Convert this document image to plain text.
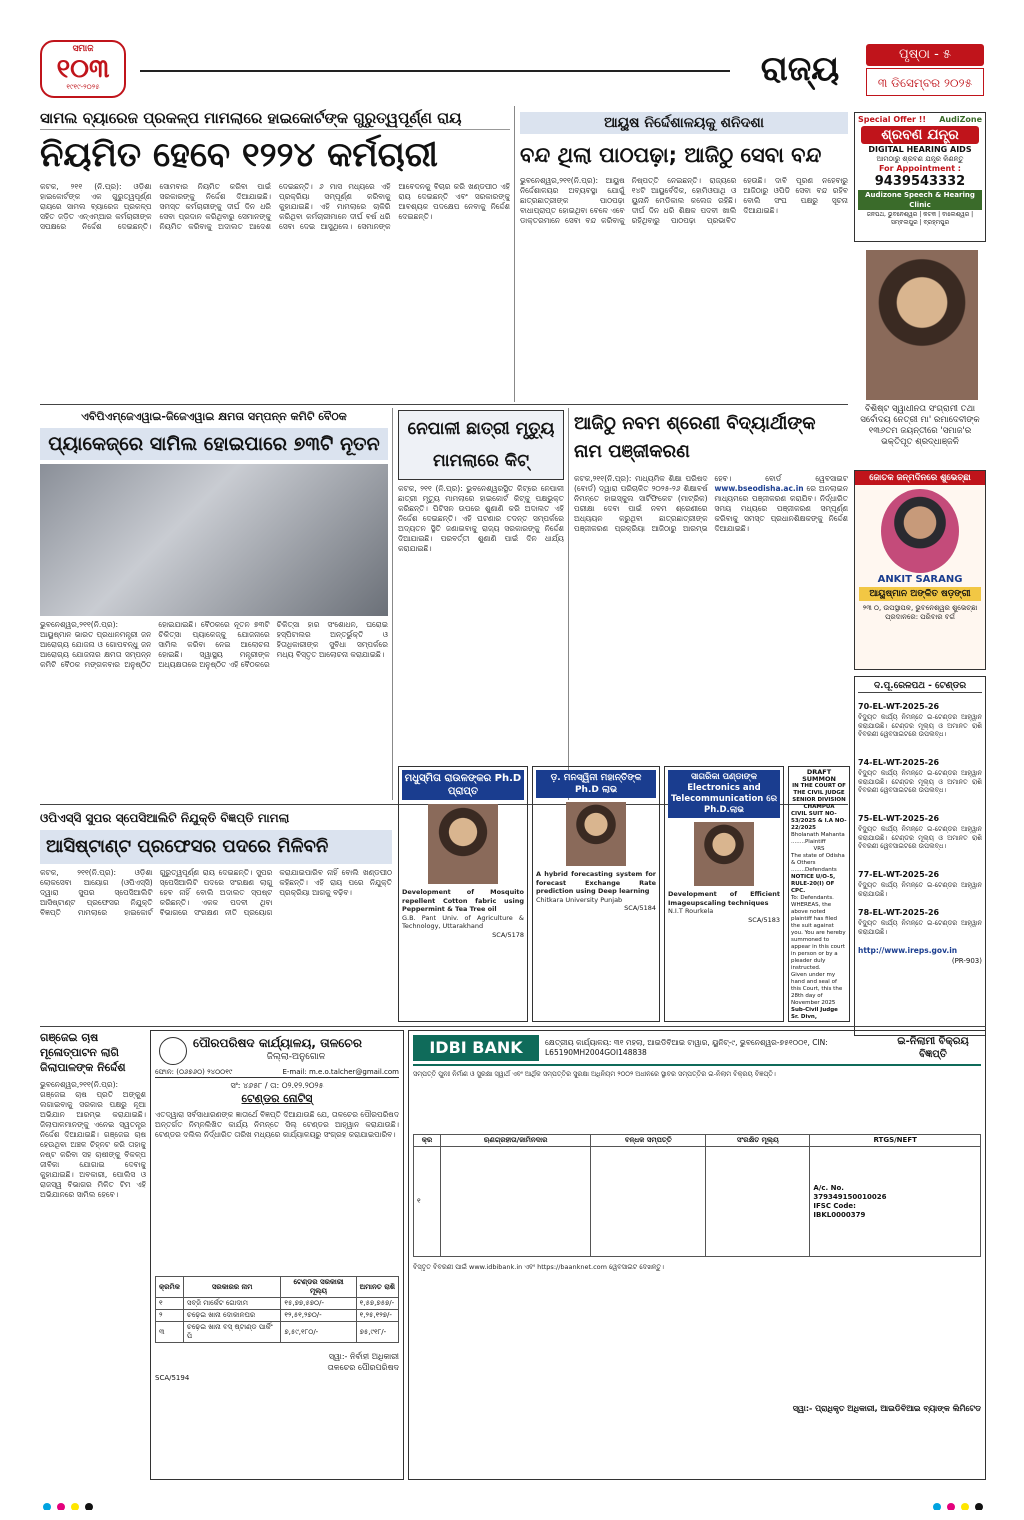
ସମାଜ
୧୦୩
୧୯୧୯-୨୦୨୫	ରାଜ୍ୟ	ପୃଷ୍ଠା - ୫
୩ ଡିସେମ୍ବର ୨୦୨୫
ସାମଲ ବ୍ୟାରେଜ ପ୍ରକଳ୍ପ ମାମଲାରେ ହାଇକୋର୍ଟଙ୍କ ଗୁରୁତ୍ୱପୂର୍ଣ୍ଣ ରାୟ
ନିୟମିତ ହେବେ ୧୨୨୪ କର୍ମଚାରୀ
କଟକ, ୨୧୧ (ନି.ପ୍ର): ଓଡ଼ିଶା ହାଇକୋର୍ଟଙ୍କ ଏକ ଗୁରୁତ୍ୱପୂର୍ଣ୍ଣ ରାୟରେ ସାମଲ ବ୍ୟାରେଜ ପ୍ରକଳ୍ପ ସହିତ ଜଡ଼ିତ ଏନ୍‌ଏମ୍‌ଆର କର୍ମଚାରୀଙ୍କ ସପକ୍ଷରେ ନିର୍ଦ୍ଦେଶ ଦେଇଛନ୍ତି। ସୋମବାର ନିୟମିତ କରିବା ପାଇଁ ସରକାରଙ୍କୁ ନିର୍ଦ୍ଦେଶ ଦିଆଯାଇଛି। ସମସ୍ତ କର୍ମଚାରୀଙ୍କୁ ଦୀର୍ଘ ଦିନ ଧରି ସେବା ପ୍ରଦାନ କରିଥିବାରୁ ସେମାନଙ୍କୁ ନିୟମିତ କରିବାକୁ ଅଦାଲତ ଆଦେଶ ଦେଇଛନ୍ତି। ୬ ମାସ ମଧ୍ୟରେ ଏହି ପ୍ରକ୍ରିୟା ସମ୍ପୂର୍ଣ୍ଣ କରିବାକୁ କୁହାଯାଇଛି। ଏହି ମାମଲାରେ ଚାକିରି କରିଥିବା କର୍ମଚାରୀମାନେ ଦୀର୍ଘ ବର୍ଷ ଧରି ସେବା ଦେଇ ଆସୁଥିଲେ। ସେମାନଙ୍କ ଆବେଦନକୁ ବିଚାର କରି ଖଣ୍ଡପୀଠ ଏହି ରାୟ ଦେଇଛନ୍ତି ଏବଂ ସରକାରଙ୍କୁ ଆବଶ୍ୟକ ପଦକ୍ଷେପ ନେବାକୁ ନିର୍ଦ୍ଦେଶ ଦେଇଛନ୍ତି।
ଆୟୁଷ ନିର୍ଦ୍ଦେଶାଳୟକୁ ଶନିଦଶା
ବନ୍ଦ ଥିଲା ପାଠପଢ଼ା; ଆଜିଠୁ ସେବା ବନ୍ଦ
ଭୁବନେଶ୍ୱର,୨୧୧(ନି.ପ୍ର): ଆୟୁଷ ନିର୍ଦ୍ଦେଶାଳୟର ଅବ୍ୟବସ୍ଥା ଯୋଗୁଁ ଛାତ୍ରଛାତ୍ରୀଙ୍କ ପାଠପଢ଼ା ବାଧାପ୍ରାପ୍ତ ହୋଇଥିବା ବେଳେ ଏବେ ଡାକ୍ତରମାନେ ସେବା ବନ୍ଦ କରିବାକୁ ନିଷ୍ପତ୍ତି ନେଇଛନ୍ତି। ରାଜ୍ୟରେ ୧୪ଟି ଆୟୁର୍ବେଦିକ, ହୋମିଓପାଥି ଓ ୟୁନାନି ମେଡିକାଲ କଲେଜ ରହିଛି। ଦୀର୍ଘ ଦିନ ଧରି ଶିକ୍ଷକ ପଦବୀ ଖାଲି ରହିଥିବାରୁ ପାଠପଢ଼ା ପ୍ରଭାବିତ ହେଉଛି। ଦାବି ପୂରଣ ନହେବାରୁ ଆଜିଠାରୁ ଓପିଡି ସେବା ବନ୍ଦ ରହିବ ବୋଲି ସଂଘ ପକ୍ଷରୁ ସୂଚନା ଦିଆଯାଇଛି।
Special Offer !!	AudiZone
ଶ୍ରବଣ ଯନ୍ତ୍ର
DIGITAL HEARING AIDS
ଆମଠାରୁ ଶ୍ରବଣ ଯନ୍ତ୍ର କିଣନ୍ତୁ
For Appointment :
9439543332
Audizone Speech & Hearing Clinic
ଜନପଥ, ଭୁବନେଶ୍ୱର | କଟକ | ବାଲେଶ୍ୱର | ସମ୍ବଲପୁର | ବ୍ରହ୍ମପୁର
ବିଶିଷ୍ଟ ସ୍ୱାଧୀନତା ସଂଗ୍ରାମୀ ତଥା ସର୍ବୋଦୟ ନେତ୍ରୀ ମା' ରମାଦେବୀଙ୍କ ୧୩୬ତମ ଜୟନ୍ତୀରେ 'ସମାଜ'ର ଭକ୍ତିପୂତ ଶ୍ରଦ୍ଧାଞ୍ଜଳି
ଏବିପିଏମ୍‌ଜେଏୱାଇ-ଜିଜେଏୱାଇ କ୍ଷମତା ସମ୍ପନ୍ନ କମିଟି ବୈଠକ
ପ୍ୟାକେଜ୍‌ରେ ସାମିଲ ହୋଇପାରେ ୭୩ଟି ନୂତନ
ଭୁବନେଶ୍ୱର,୨୧୧(ନି.ପ୍ର): ଆୟୁଷ୍ମାନ ଭାରତ ପ୍ରଧାନମନ୍ତ୍ରୀ ଜନ ଆରୋଗ୍ୟ ଯୋଜନା ଓ ଗୋପବନ୍ଧୁ ଜନ ଆରୋଗ୍ୟ ଯୋଜନାର କ୍ଷମତା ସମ୍ପନ୍ନ କମିଟି ବୈଠକ ମଙ୍ଗଳବାର ଅନୁଷ୍ଠିତ ହୋଇଯାଇଛି। ବୈଠକରେ ନୂତନ ୭୩ଟି ଚିକିତ୍ସା ପ୍ୟାକେଜ୍‌କୁ ଯୋଜନାରେ ସାମିଲ କରିବା ନେଇ ଆଲୋଚନା ହୋଇଛି। ସ୍ୱାସ୍ଥ୍ୟ ମନ୍ତ୍ରୀଙ୍କ ଅଧ୍ୟକ୍ଷତାରେ ଅନୁଷ୍ଠିତ ଏହି ବୈଠକରେ ଚିକିତ୍ସା ହାର ସଂଶୋଧନ, ଘରୋଇ ହସ୍ପିଟାଲର ଅନ୍ତର୍ଭୁକ୍ତି ଓ ହିତାଧିକାରୀଙ୍କ ସୁବିଧା ସମ୍ପର୍କରେ ମଧ୍ୟ ବିସ୍ତୃତ ଆଲୋଚନା କରାଯାଇଛି।
ନେପାଳୀ ଛାତ୍ରୀ ମୃତ୍ୟୁ ମାମଲାରେ କିଟ୍
କଟକ, ୨୧୧ (ନି.ପ୍ର): ଭୁବନେଶ୍ୱରସ୍ଥିତ କିଟ୍‌ରେ ନେପାଳୀ ଛାତ୍ରୀ ମୃତ୍ୟୁ ମାମଲାରେ ହାଇକୋର୍ଟ କିଟ୍‌କୁ ପକ୍ଷଭୁକ୍ତ କରିଛନ୍ତି। ପିଟିସନ ଉପରେ ଶୁଣାଣି କରି ଅଦାଲତ ଏହି ନିର୍ଦ୍ଦେଶ ଦେଇଛନ୍ତି। ଏହି ଘଟଣାର ତଦନ୍ତ ସମ୍ପର୍କରେ ଅଦ୍ୟତନ ସ୍ଥିତି ଜଣାଇବାକୁ ରାଜ୍ୟ ସରକାରଙ୍କୁ ନିର୍ଦ୍ଦେଶ ଦିଆଯାଇଛି। ପରବର୍ତ୍ତୀ ଶୁଣାଣି ପାଇଁ ଦିନ ଧାର୍ଯ୍ୟ କରାଯାଇଛି।
ଆଜିଠୁ ନବମ ଶ୍ରେଣୀ ବିଦ୍ୟାର୍ଥୀଙ୍କ ନାମ ପଞ୍ଜୀକରଣ
କଟକ,୨୧୧(ନି.ପ୍ର): ମାଧ୍ୟମିକ ଶିକ୍ଷା ପରିଷଦ (ବୋର୍ଡ) ଦ୍ୱାରା ପରିଚାଳିତ ୨୦୨୫-୨୬ ଶିକ୍ଷାବର୍ଷ ନିମନ୍ତେ ହାଇସ୍କୁଲ ସାର୍ଟିଫିକେଟ (ମାଟ୍ରିକ) ପରୀକ୍ଷା ଦେବା ପାଇଁ ନବମ ଶ୍ରେଣୀରେ ଅଧ୍ୟୟନ କରୁଥିବା ଛାତ୍ରଛାତ୍ରୀଙ୍କ ପଞ୍ଜୀକରଣ ପ୍ରକ୍ରିୟା ଆଜିଠାରୁ ଆରମ୍ଭ ହେବ। ବୋର୍ଡ ୱେବସାଇଟ www.bseodisha.ac.in ରେ ଅନଲାଇନ ମାଧ୍ୟମରେ ପଞ୍ଜୀକରଣ କରାଯିବ। ନିର୍ଦ୍ଧାରିତ ସମୟ ମଧ୍ୟରେ ପଞ୍ଜୀକରଣ ସମ୍ପୂର୍ଣ୍ଣ କରିବାକୁ ସମସ୍ତ ପ୍ରଧାନଶିକ୍ଷକଙ୍କୁ ନିର୍ଦ୍ଦେଶ ଦିଆଯାଇଛି।
ଜୋତକ ଜନ୍ମଦିନରେ ଶୁଭେଚ୍ଛା
ANKIT SARANG
ଆୟୁଷ୍ମାନ ଅଙ୍କିତ ଷଡ଼ଙ୍ଗୀ
୨୩ ୦, ଉପସ୍ଥାପକ, ଭୁବନେଶ୍ୱର ଶୁଭେଚ୍ଛା ପ୍ରଦାନରେ: ପରିବାର ବର୍ଗ
ଦ.ପୂ.ରେଳପଥ - ଟେଣ୍ଡର
70-EL-WT-2025-26
ବିଦ୍ୟୁତ କାର୍ଯ୍ୟ ନିମନ୍ତେ ଇ-ଟେଣ୍ଡର ଆହ୍ୱାନ କରାଯାଉଛି। ଟେଣ୍ଡର ମୂଲ୍ୟ ଓ ଅମାନତ ରାଶି ବିବରଣୀ ୱେବସାଇଟରେ ଉପଲବ୍ଧ।
74-EL-WT-2025-26
ବିଦ୍ୟୁତ କାର୍ଯ୍ୟ ନିମନ୍ତେ ଇ-ଟେଣ୍ଡର ଆହ୍ୱାନ କରାଯାଉଛି। ଟେଣ୍ଡର ମୂଲ୍ୟ ଓ ଅମାନତ ରାଶି ବିବରଣୀ ୱେବସାଇଟରେ ଉପଲବ୍ଧ।
75-EL-WT-2025-26
ବିଦ୍ୟୁତ କାର୍ଯ୍ୟ ନିମନ୍ତେ ଇ-ଟେଣ୍ଡର ଆହ୍ୱାନ କରାଯାଉଛି। ଟେଣ୍ଡର ମୂଲ୍ୟ ଓ ଅମାନତ ରାଶି ବିବରଣୀ ୱେବସାଇଟରେ ଉପଲବ୍ଧ।
77-EL-WT-2025-26
ବିଦ୍ୟୁତ କାର୍ଯ୍ୟ ନିମନ୍ତେ ଇ-ଟେଣ୍ଡର ଆହ୍ୱାନ କରାଯାଉଛି।
78-EL-WT-2025-26
ବିଦ୍ୟୁତ କାର୍ଯ୍ୟ ନିମନ୍ତେ ଇ-ଟେଣ୍ଡର ଆହ୍ୱାନ କରାଯାଉଛି।
http://www.ireps.gov.in
(PR-903)
ଓପିଏସ୍‌ସି ସୁପର ସ୍ପେସିଆଲିଟି ନିଯୁକ୍ତି ବିଜ୍ଞପ୍ତି ମାମଲା
ଆସିଷ୍ଟାଣ୍ଟ ପ୍ରଫେସର ପଦରେ ମିଳିବନି
କଟକ, ୨୧୧(ନି.ପ୍ର): ଓଡ଼ିଶା ଲୋକସେବା ଆୟୋଗ (ଓପିଏସ୍‌ସି) ଦ୍ୱାରା ସୁପର ସ୍ପେସିଆଲିଟି ଆସିଷ୍ଟାଣ୍ଟ ପ୍ରଫେସର ନିଯୁକ୍ତି ବିଜ୍ଞପ୍ତି ମାମଲାରେ ହାଇକୋର୍ଟ ଗୁରୁତ୍ୱପୂର୍ଣ୍ଣ ରାୟ ଦେଇଛନ୍ତି। ସୁପର ସ୍ପେସିଆଲିଟି ପଦରେ ସଂରକ୍ଷଣ ଲାଗୁ ହେବ ନାହିଁ ବୋଲି ଅଦାଲତ ସ୍ପଷ୍ଟ କରିଛନ୍ତି। ଏକକ ପଦବୀ ଥିବା ବିଭାଗରେ ସଂରକ୍ଷଣ ନୀତି ପ୍ରୟୋଗ କରାଯାଇପାରିବ ନାହିଁ ବୋଲି ଖଣ୍ଡପୀଠ କହିଛନ୍ତି। ଏହି ରାୟ ପରେ ନିଯୁକ୍ତି ପ୍ରକ୍ରିୟା ଆଗକୁ ବଢ଼ିବ।
ମଧୁସ୍ମିତା ରାଉଳଙ୍କର Ph.D ପ୍ରାପ୍ତ
Development of Mosquito repellent Cotton fabric using Peppermint & Tea Tree oil
G.B. Pant Univ. of Agriculture & Technology, Uttarakhand
SCA/5178
ଡ଼. ମନସ୍ୱିନୀ ମହାନ୍ତିଙ୍କ Ph.D ଲାଭ
A hybrid forecasting system for forecast Exchange Rate prediction using Deep learning
Chitkara University Punjab
SCA/5184
ସାଗରିକା ପଣ୍ଡାଙ୍କ Electronics and Telecommunication ରେ Ph.D.ଲାଭ
Development of Efficient Imageupscaling techniques
N.I.T Rourkela
SCA/5183
DRAFT SUMMON
IN THE COURT OF THE CIVIL JUDGE SENIOR DIVISION CHAMPUA
CIVIL SUIT NO-53/2025 & I.A NO-22/2025
Bholanath Mahanta ........Plaintiff
VRS
The state of Odisha & Others ........Defendants
NOTICE U/O-5, RULE-20(I) OF CPC.
To: Defendants. WHEREAS, the above noted plaintiff has filed the suit against you. You are hereby summoned to appear in this court in person or by a pleader duly instructed.
Given under my hand and seal of this Court, this the 28th day of November 2025
Sub-Civil Judge Sr. Divn,
ଗଞ୍ଜେଇ ଚାଷ ମୂଳୋତ୍ପାଟନ ଲାଗି ଜିଲାପାଳଙ୍କ ନିର୍ଦ୍ଦେଶ
ଭୁବନେଶ୍ୱର,୨୧୧(ନି.ପ୍ର): ଗଞ୍ଜେଇ ଚାଷ ପ୍ରତି ଅଙ୍କୁଶ ଲଗାଇବାକୁ ସରକାର ପକ୍ଷରୁ ନୂଆ ଅଭିଯାନ ଆରମ୍ଭ କରାଯାଇଛି। ଜିଲାପାଳମାନଙ୍କୁ ଏନେଇ ସ୍ୱତନ୍ତ୍ର ନିର୍ଦ୍ଦେଶ ଦିଆଯାଇଛି। ଗଞ୍ଜେଇ ଚାଷ ହେଉଥିବା ଅଞ୍ଚଳ ଚିହ୍ନଟ କରି ତାହାକୁ ନଷ୍ଟ କରିବା ସହ ଚାଷୀଙ୍କୁ ବିକଳ୍ପ ଜୀବିକା ଯୋଗାଇ ଦେବାକୁ କୁହାଯାଇଛି। ଅବକାରୀ, ପୋଲିସ ଓ ରାଜସ୍ୱ ବିଭାଗର ମିଳିତ ଟିମ ଏହି ଅଭିଯାନରେ ସାମିଲ ହେବେ।
ପୌରପରିଷଦ କାର୍ଯ୍ୟାଳୟ, ତାଳଚେର
ଜିଲ୍ଲା-ଅନୁଗୋଳ
ଫୋନ: (୦୬୭୬୦) ୨୪୦୦୧୯	E-mail: m.e.o.talcher@gmail.com
ସଂ: ୪୬୫୮ / ତା: ୦୨.୧୨.୨୦୨୫
ଟେଣ୍ଡର ନୋଟିସ୍
ଏତଦ୍ୱାରା ସର୍ବସାଧାରଣଙ୍କ ଜ୍ଞାତାର୍ଥେ ବିଜ୍ଞପ୍ତି ଦିଆଯାଉଛି ଯେ, ତାଳଚେର ପୌରପରିଷଦ ଅନ୍ତର୍ଗତ ନିମ୍ନଲିଖିତ କାର୍ଯ୍ୟ ନିମନ୍ତେ ସିଲ୍ ଟେଣ୍ଡର ଆହ୍ୱାନ କରାଯାଉଛି। ଟେଣ୍ଡର ଦଲିଲ ନିର୍ଦ୍ଧାରିତ ତାରିଖ ମଧ୍ୟରେ କାର୍ଯ୍ୟାଳୟରୁ ସଂଗ୍ରହ କରାଯାଇପାରିବ।
କ୍ରମିକ	ସରକାରର ନାମ	ଟେଣ୍ଡର ସରକାରୀ ମୂଲ୍ୟ	ଅମାନତ ରାଶି
୧	ସବ୍ଜି ମାର୍କେଟ ଗୋଦାମ	୧୫,୭୭,୫୭୦/-	୧,୫୭,୭୫୭/-
୨	ଚଢ଼େଇ ଖାନା ଦୋକାନଘର	୧୨,୫୧,୨୭୦/-	୧,୨୫,୧୨୭/-
୩	ଚଢ଼େଇ ଖାନା ବସ୍ ଷ୍ଟାଣ୍ଡ ପାର୍କିଂ ପି	୭,୫୯,୧୮୦/-	୭୫,୯୧୮/-
ସ୍ୱା:- ନିର୍ବାହୀ ଅଧିକାରୀ
ତାଳଚେର ପୌରପରିଷଦ
SCA/5194
IDBI BANK	କ୍ଷେତ୍ରୀୟ କାର୍ଯ୍ୟାଳୟ: ୩୧ ମହଲା, ଆଇଡିବିଆଇ ଟାୱାର, ୟୁନିଟ୍-୯, ଭୁବନେଶ୍ୱର-୭୫୧୦୦୧, CIN: L65190MH2004GOI148838
ଇ-ନିଲାମୀ ବିକ୍ରୟ ବିଜ୍ଞପ୍ତି
ସମ୍ପତ୍ତି ପୁନଃ ନିର୍ମାଣ ଓ ସୁରକ୍ଷା ସ୍ୱାର୍ଥ ଏବଂ ଆର୍ଥିକ ସମ୍ପତ୍ତିର ସୁରକ୍ଷା ଅଧିନିୟମ ୨୦୦୨ ଅଧୀନରେ ସ୍ଥାବର ସମ୍ପତ୍ତିର ଇ-ନିଲାମ ବିକ୍ରୟ ବିଜ୍ଞପ୍ତି।
କ୍ର	ଋଣଗ୍ରହୀତା/ଜାମିନଦାର	ବନ୍ଧକ ସମ୍ପତ୍ତି	ସଂରକ୍ଷିତ ମୂଲ୍ୟ	RTGS/NEFT
୧				A/c. No.
379349150010026
IFSC Code:
IBKL0000379
ବିସ୍ତୃତ ବିବରଣୀ ପାଇଁ www.idbibank.in ଏବଂ https://baanknet.com ୱେବସାଇଟ ଦେଖନ୍ତୁ।
ସ୍ୱା:- ପ୍ରାଧିକୃତ ଅଧିକାରୀ, ଆଇଡିବିଆଇ ବ୍ୟାଙ୍କ ଲିମିଟେଡ
